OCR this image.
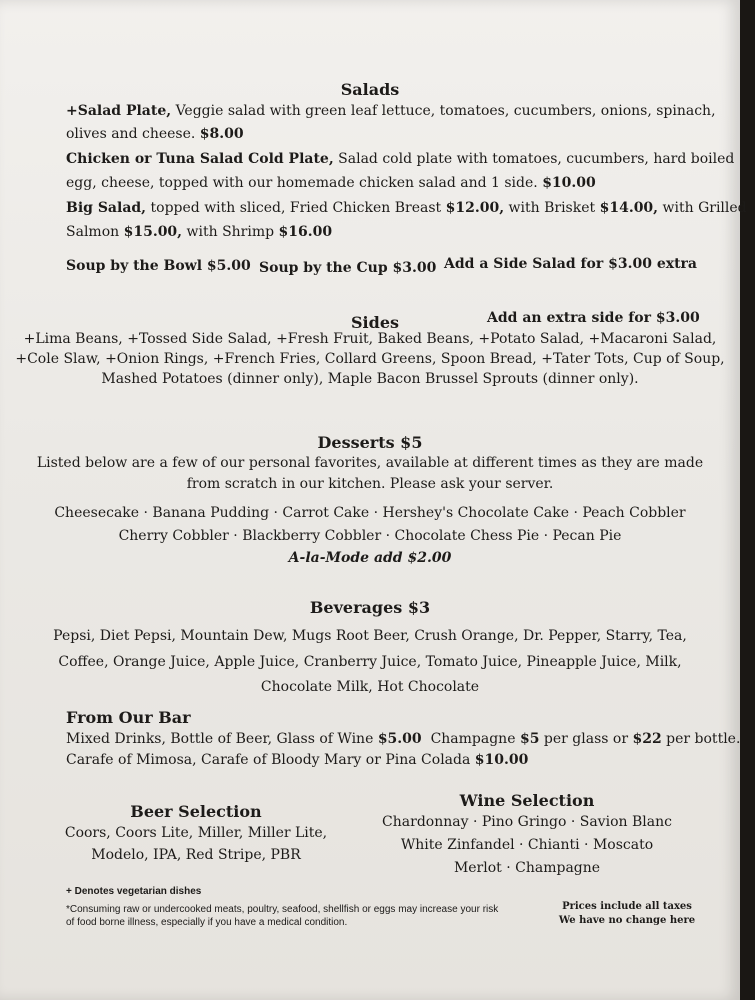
Salads
+Salad Plate, Veggie salad with green leaf lettuce, tomatoes, cucumbers, onions, spinach,
olives and cheese. $8.00
Chicken or Tuna Salad Cold Plate, Salad cold plate with tomatoes, cucumbers, hard boiled
egg, cheese, topped with our homemade chicken salad and 1 side. $10.00
Big Salad, topped with sliced, Fried Chicken Breast $12.00, with Brisket $14.00, with Grilled
Salmon $15.00, with Shrimp $16.00
Soup by the Bowl $5.00 Soup by the Cup $3.00 Add a Side Salad for $3.00 extra
Sides	Add an extra side for $3.00
+Lima Beans, +Tossed Side Salad, +Fresh Fruit, Baked Beans, +Potato Salad, +Macaroni Salad,
+Cole Slaw, +Onion Rings, +French Fries, Collard Greens, Spoon Bread, +Tater Tots, Cup of Soup,
Mashed Potatoes (dinner only), Maple Bacon Brussel Sprouts (dinner only).
Desserts $5
Listed below are a few of our personal favorites, available at different times as they are made
from scratch in our kitchen. Please ask your server.
Cheesecake · Banana Pudding · Carrot Cake · Hershey's Chocolate Cake · Peach Cobbler
Cherry Cobbler · Blackberry Cobbler · Chocolate Chess Pie · Pecan Pie
A-la-Mode add $2.00
Beverages $3
Pepsi, Diet Pepsi, Mountain Dew, Mugs Root Beer, Crush Orange, Dr. Pepper, Starry, Tea,
Coffee, Orange Juice, Apple Juice, Cranberry Juice, Tomato Juice, Pineapple Juice, Milk,
Chocolate Milk, Hot Chocolate
From Our Bar
Mixed Drinks, Bottle of Beer, Glass of Wine $5.00 Champagne $5 per glass or $22 per bottle.
Carafe of Mimosa, Carafe of Bloody Mary or Pina Colada $10.00
Beer Selection
Coors, Coors Lite, Miller, Miller Lite,
Modelo, IPA, Red Stripe, PBR
Wine Selection
Chardonnay · Pino Gringo · Savion Blanc
White Zinfandel · Chianti · Moscato
Merlot · Champagne
+ Denotes vegetarian dishes
*Consuming raw or undercooked meats, poultry, seafood, shellfish or eggs may increase your risk
of food borne illness, especially if you have a medical condition.
Prices include all taxes
We have no change here
